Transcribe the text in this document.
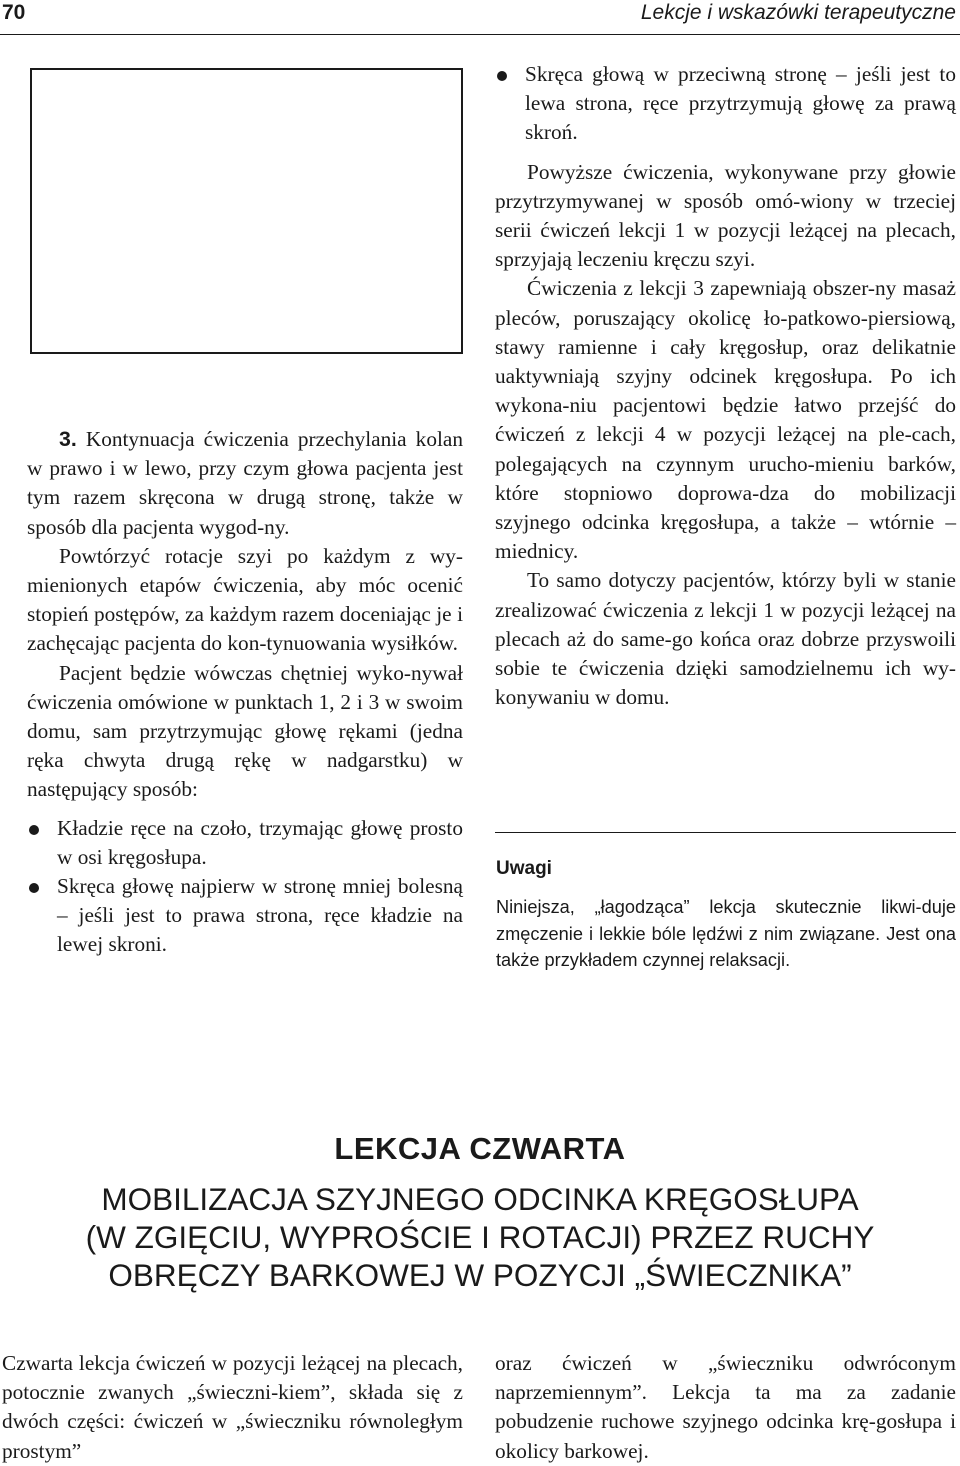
70	Lekcje i wskazówki terapeutyczne

3. Kontynuacja ćwiczenia przechylania kolan w prawo i w lewo, przy czym głowa pacjenta jest tym razem skręcona w drugą stronę, także w sposób dla pacjenta wygod-ny.

Powtórzyć rotacje szyi po każdym z wy-mienionych etapów ćwiczenia, aby móc ocenić stopień postępów, za każdym razem doceniając je i zachęcając pacjenta do kon-tynuowania wysiłków.

Pacjent będzie wówczas chętniej wyko-nywał ćwiczenia omówione w punktach 1, 2 i 3 w swoim domu, sam przytrzymując głowę rękami (jedna ręka chwyta drugą rękę w nadgarstku) w następujący sposób:

Kładzie ręce na czoło, trzymając głowę prosto w osi kręgosłupa.
Skręca głowę najpierw w stronę mniej bolesną – jeśli jest to prawa strona, ręce kładzie na lewej skroni.
Skręca głową w przeciwną stronę – jeśli jest to lewa strona, ręce przytrzymują głowę za prawą skroń.

Powyższe ćwiczenia, wykonywane przy głowie przytrzymywanej w sposób omó-wiony w trzeciej serii ćwiczeń lekcji 1 w pozycji leżącej na plecach, sprzyjają leczeniu kręczu szyi.

Ćwiczenia z lekcji 3 zapewniają obszer-ny masaż pleców, poruszający okolicę ło-patkowo-piersiową, stawy ramienne i cały kręgosłup, oraz delikatnie uaktywniają szyjny odcinek kręgosłupa. Po ich wykona-niu pacjentowi będzie łatwo przejść do ćwiczeń z lekcji 4 w pozycji leżącej na ple-cach, polegających na czynnym urucho-mieniu barków, które stopniowo doprowa-dza do mobilizacji szyjnego odcinka kręgosłupa, a także – wtórnie – miednicy.

To samo dotyczy pacjentów, którzy byli w stanie zrealizować ćwiczenia z lekcji 1 w pozycji leżącej na plecach aż do same-go końca oraz dobrze przyswoili sobie te ćwiczenia dzięki samodzielnemu ich wy-konywaniu w domu.

Uwagi
Niniejsza, „łagodząca” lekcja skutecznie likwi-duje zmęczenie i lekkie bóle lędźwi z nim związane. Jest ona także przykładem czynnej relaksacji.
LEKCJA CZWARTA
MOBILIZACJA SZYJNEGO ODCINKA KRĘGOSŁUPA
(W ZGIĘCIU, WYPROŚCIE I ROTACJI) PRZEZ RUCHY
OBRĘCZY BARKOWEJ W POZYCJI „ŚWIECZNIKA”

Czwarta lekcja ćwiczeń w pozycji leżącej na plecach, potocznie zwanych „świeczni-kiem”, składa się z dwóch części: ćwiczeń w „świeczniku równoległym prostym”

oraz ćwiczeń w „świeczniku odwróconym naprzemiennym”. Lekcja ta ma za zadanie pobudzenie ruchowe szyjnego odcinka krę-gosłupa i okolicy barkowej.
